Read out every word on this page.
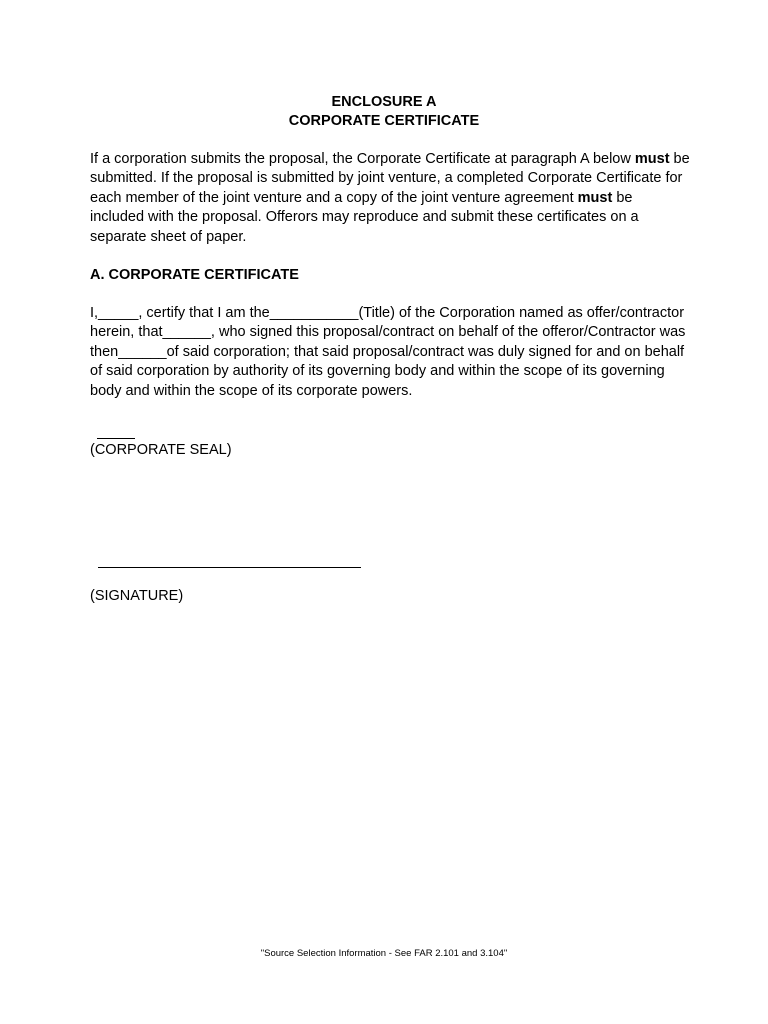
ENCLOSURE A
CORPORATE CERTIFICATE
If a corporation submits the proposal, the Corporate Certificate at paragraph A below must be submitted. If the proposal is submitted by joint venture, a completed Corporate Certificate for each member of the joint venture and a copy of the joint venture agreement must be included with the proposal. Offerors may reproduce and submit these certificates on a separate sheet of paper.
A. CORPORATE CERTIFICATE
I,_____, certify that I am the___________(Title) of the Corporation named as offer/contractor herein, that______, who signed this proposal/contract on behalf of the offeror/Contractor was then______of said corporation; that said proposal/contract was duly signed for and on behalf of said corporation by authority of its governing body and within the scope of its governing body and within the scope of its corporate powers.
(CORPORATE SEAL)
(SIGNATURE)
"Source Selection Information - See FAR 2.101 and 3.104"
